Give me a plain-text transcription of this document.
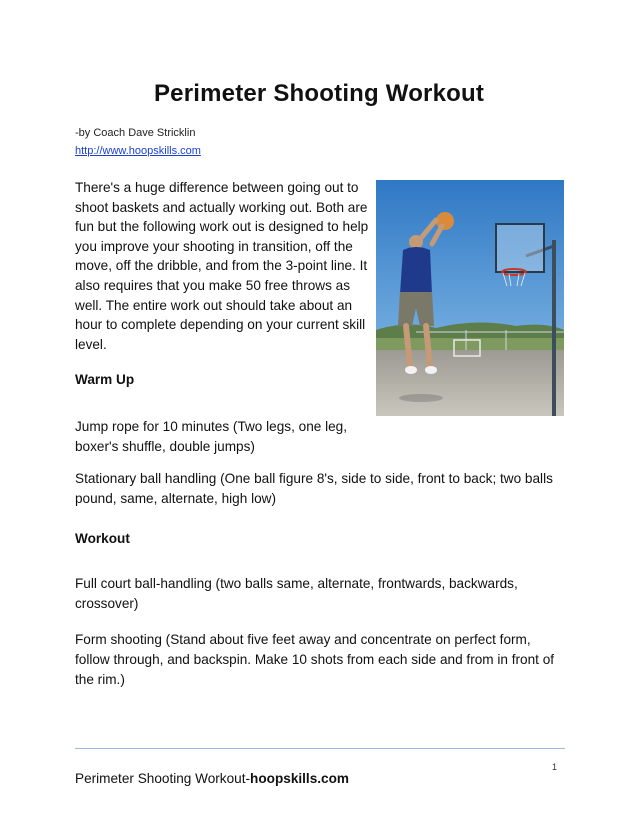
Perimeter Shooting Workout
-by Coach Dave Stricklin
http://www.hoopskills.com

There's a huge difference between going out to shoot baskets and actually working out. Both are fun but the following work out is designed to help you improve your shooting in transition, off the move, off the dribble, and from the 3-point line. It also requires that you make 50 free throws as well. The entire work out should take about an hour to complete depending on your current skill level.

Warm Up

Jump rope for 10 minutes (Two legs, one leg, boxer's shuffle, double jumps)

Stationary ball handling (One ball figure 8's, side to side, front to back; two balls pound, same, alternate, high low)

Workout

Full court ball-handling (two balls same, alternate, frontwards, backwards, crossover)

Form shooting (Stand about five feet away and concentrate on perfect form, follow through, and backspin. Make 10 shots from each side and from in front of the rim.)

1
Perimeter Shooting Workout-hoopskills.com
